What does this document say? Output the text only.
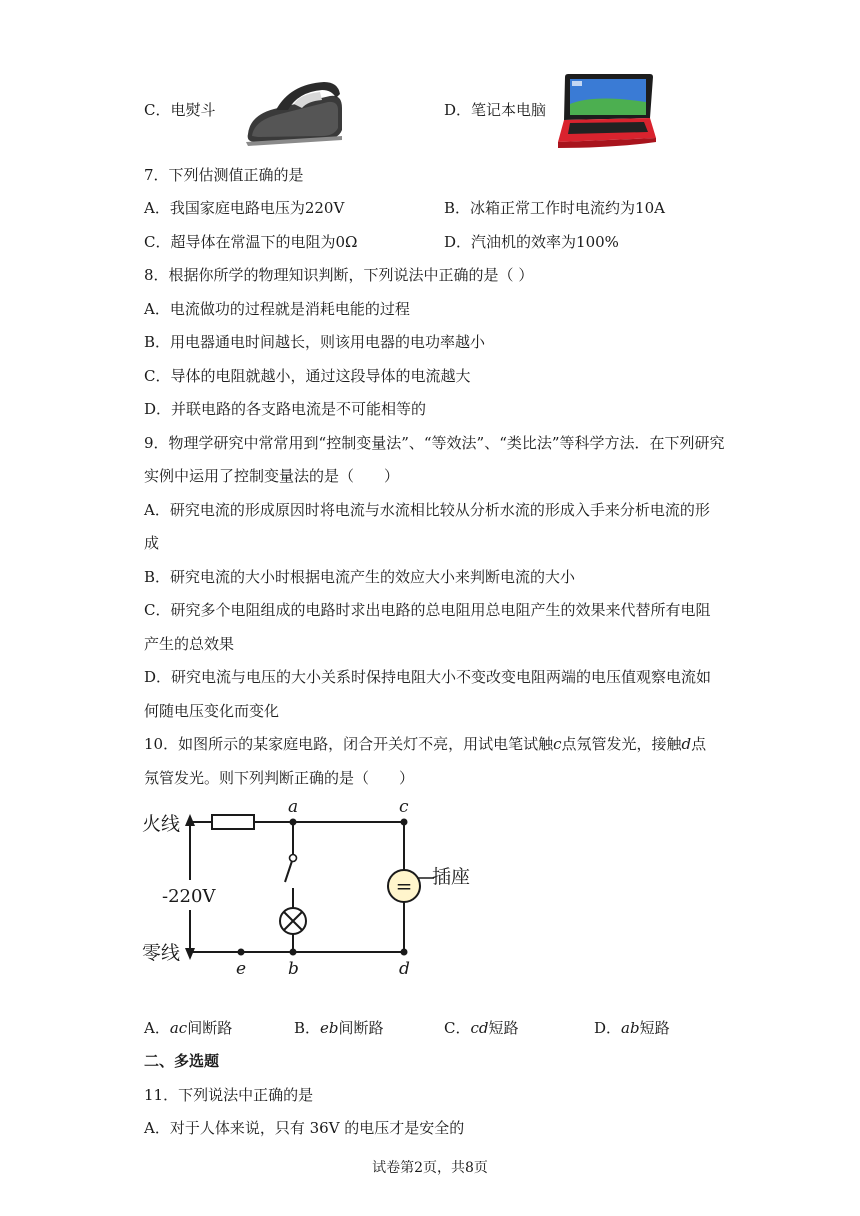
C．电熨斗	D．笔记本电脑
7．下列估测值正确的是
A．我国家庭电路电压为220V	B．冰箱正常工作时电流约为10A
C．超导体在常温下的电阻为0Ω	D．汽油机的效率为100%
8．根据你所学的物理知识判断，下列说法中正确的是（ ）
A．电流做功的过程就是消耗电能的过程
B．用电器通电时间越长，则该用电器的电功率越小
C．导体的电阻就越小，通过这段导体的电流越大
D．并联电路的各支路电流是不可能相等的
9．物理学研究中常常用到“控制变量法”、“等效法”、“类比法”等科学方法．在下列研究
实例中运用了控制变量法的是（　　）
A．研究电流的形成原因时将电流与水流相比较从分析水流的形成入手来分析电流的形
成
B．研究电流的大小时根据电流产生的效应大小来判断电流的大小
C．研究多个电阻组成的电路时求出电路的总电阻用总电阻产生的效果来代替所有电阻
产生的总效果
D．研究电流与电压的大小关系时保持电阻大小不变改变电阻两端的电压值观察电流如
何随电压变化而变化
10．如图所示的某家庭电路，闭合开关灯不亮，用试电笔试触c点氖管发光，接触d点
氖管发光。则下列判断正确的是（　　）
=
火线
零线
-220V
插座
a	c
e b	d
A．ac间断路	B．eb间断路	C．cd短路	D．ab短路
二、多选题
11．下列说法中正确的是
A．对于人体来说，只有 36V 的电压才是安全的
试卷第2页，共8页
